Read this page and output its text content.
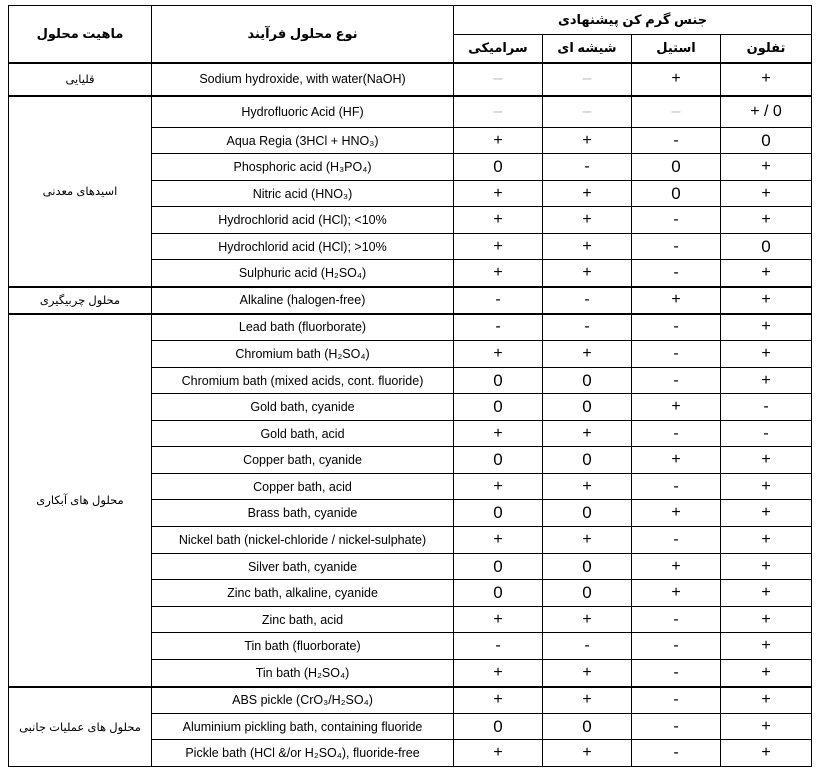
ماهیت محلول	نوع محلول فرآیند	جنس گرم کن پیشنهادی			
		سرامیکی	شیشه ای	استیل	تفلون
قلیایی	Sodium hydroxide, with water(NaOH)	–	–	+	+
اسیدهای معدنی	Hydrofluoric Acid (HF)	–	–	–	+ / 0
	Aqua Regia (3HCl + HNO₃)	+	+	-	0
	Phosphoric acid (H₃PO₄)	0	-	0	+
	Nitric acid (HNO₃)	+	+	0	+
	Hydrochlorid acid (HCl); <10%	+	+	-	+
	Hydrochlorid acid (HCl); >10%	+	+	-	0
	Sulphuric acid (H₂SO₄)	+	+	-	+
محلول چربیگیری	Alkaline (halogen-free)	-	-	+	+
محلول های آبکاری	Lead bath (fluorborate)	-	-	-	+
	Chromium bath (H₂SO₄)	+	+	-	+
	Chromium bath (mixed acids, cont. fluoride)	0	0	-	+
	Gold bath, cyanide	0	0	+	-
	Gold bath, acid	+	+	-	-
	Copper bath, cyanide	0	0	+	+
	Copper bath, acid	+	+	-	+
	Brass bath, cyanide	0	0	+	+
	Nickel bath (nickel-chloride / nickel-sulphate)	+	+	-	+
	Silver bath, cyanide	0	0	+	+
	Zinc bath, alkaline, cyanide	0	0	+	+
	Zinc bath, acid	+	+	-	+
	Tin bath (fluorborate)	-	-	-	+
	Tin bath (H₂SO₄)	+	+	-	+
محلول های عملیات جانبی	ABS pickle (CrO₃/H₂SO₄)	+	+	-	+
	Aluminium pickling bath, containing fluoride	0	0	-	+
	Pickle bath (HCl &/or H₂SO₄), fluoride-free	+	+	-	+
